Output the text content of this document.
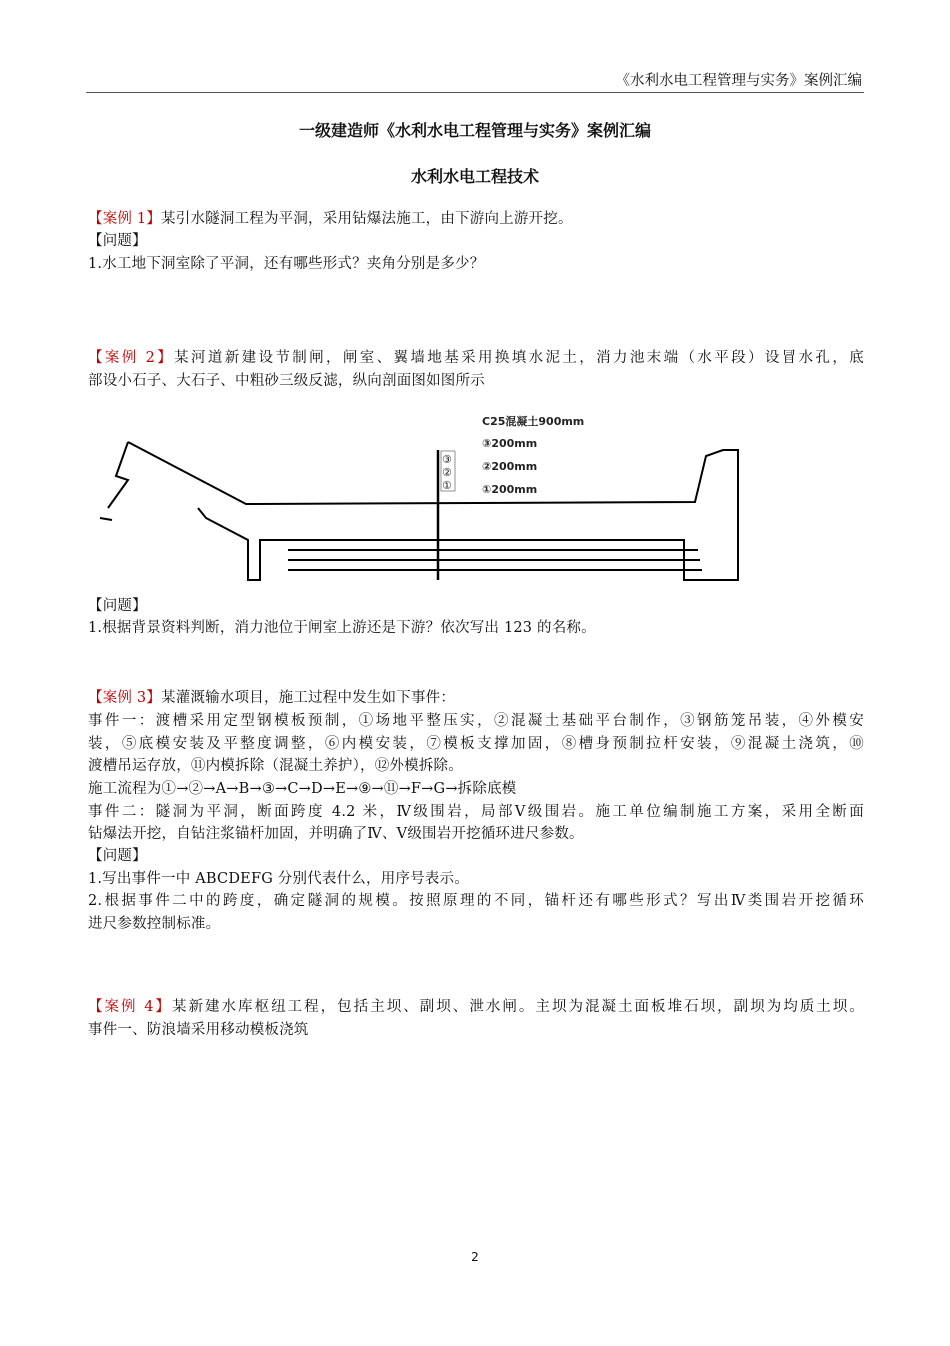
《水利水电工程管理与实务》案例汇编
一级建造师《水利水电工程管理与实务》案例汇编
水利水电工程技术
【案例 1】某引水隧洞工程为平洞，采用钻爆法施工，由下游向上游开挖。
【问题】
1.水工地下洞室除了平洞，还有哪些形式？夹角分别是多少？
【案例 2】某河道新建设节制闸，闸室、翼墙地基采用换填水泥土，消力池末端（水平段）设冒水孔，底
部设小石子、大石子、中粗砂三级反滤，纵向剖面图如图所示
C25混凝土900mm
③200mm
②200mm
①200mm
③
②
①
【问题】
1.根据背景资料判断，消力池位于闸室上游还是下游？依次写出 123 的名称。
【案例 3】某灌溉输水项目，施工过程中发生如下事件：
事件一：渡槽采用定型钢模板预制，①场地平整压实，②混凝土基础平台制作，③钢筋笼吊装，④外模安
装，⑤底模安装及平整度调整，⑥内模安装，⑦模板支撑加固，⑧槽身预制拉杆安装，⑨混凝土浇筑，⑩
渡槽吊运存放，⑪内模拆除（混凝土养护），⑫外模拆除。
施工流程为①→②→A→B→③→C→D→E→⑨→⑪→F→G→拆除底模
事件二：隧洞为平洞，断面跨度 4.2 米，Ⅳ级围岩，局部Ⅴ级围岩。施工单位编制施工方案，采用全断面
钻爆法开挖，自钻注浆锚杆加固，并明确了Ⅳ、Ⅴ级围岩开挖循环进尺参数。
【问题】
1.写出事件一中 ABCDEFG 分别代表什么，用序号表示。
2.根据事件二中的跨度，确定隧洞的规模。按照原理的不同，锚杆还有哪些形式？写出Ⅳ类围岩开挖循环
进尺参数控制标准。
【案例 4】某新建水库枢纽工程，包括主坝、副坝、泄水闸。主坝为混凝土面板堆石坝，副坝为均质土坝。
事件一、防浪墙采用移动模板浇筑
2
